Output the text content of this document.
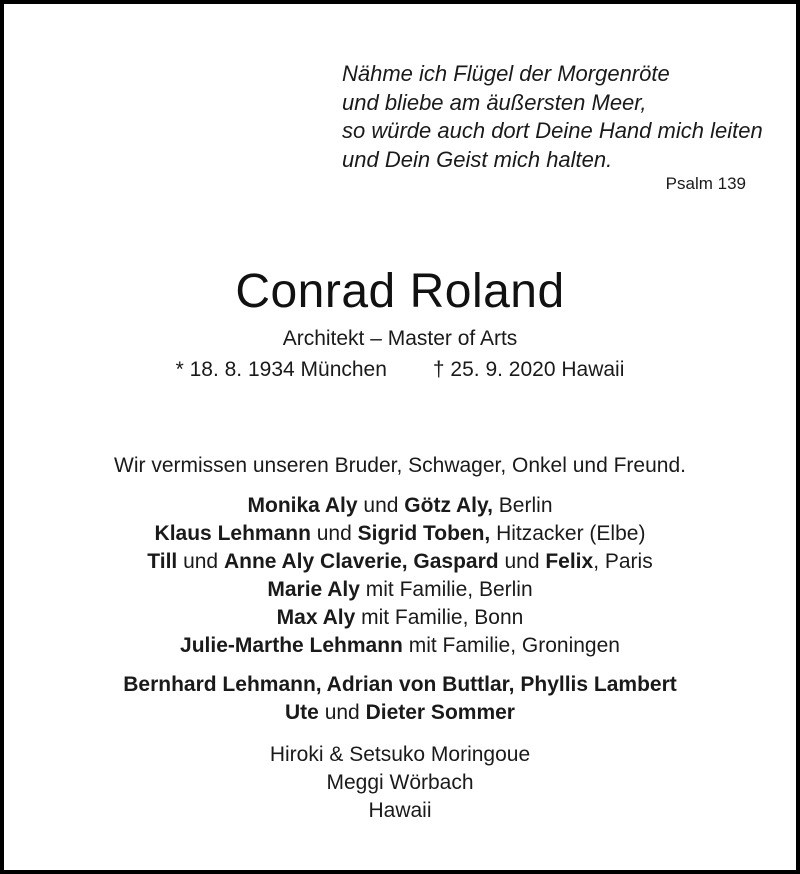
Nähme ich Flügel der Morgenröte
und bliebe am äußersten Meer,
so würde auch dort Deine Hand mich leiten
und Dein Geist mich halten.
Psalm 139
Conrad Roland
Architekt – Master of Arts
* 18. 8. 1934 München † 25. 9. 2020 Hawaii
Wir vermissen unseren Bruder, Schwager, Onkel und Freund.
Monika Aly und Götz Aly, Berlin
Klaus Lehmann und Sigrid Toben, Hitzacker (Elbe)
Till und Anne Aly Claverie, Gaspard und Felix, Paris
Marie Aly mit Familie, Berlin
Max Aly mit Familie, Bonn
Julie-Marthe Lehmann mit Familie, Groningen
Bernhard Lehmann, Adrian von Buttlar, Phyllis Lambert
Ute und Dieter Sommer
Hiroki & Setsuko Moringoue
Meggi Wörbach
Hawaii
